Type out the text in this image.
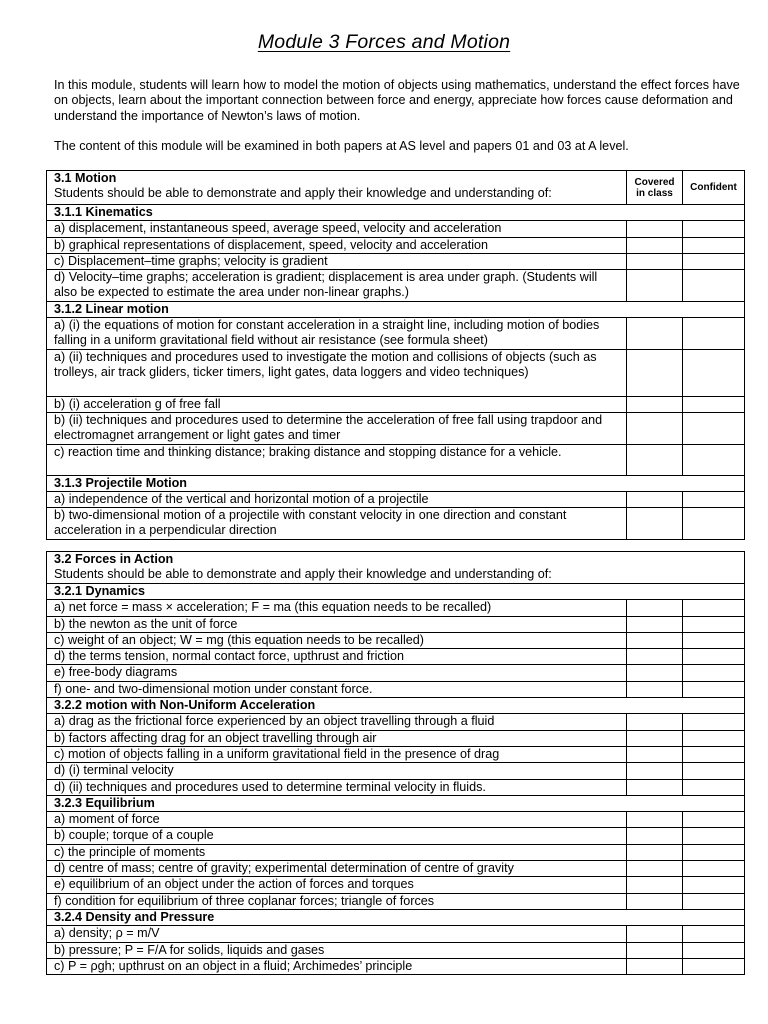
Module 3 Forces and Motion
In this module, students will learn how to model the motion of objects using mathematics, understand the effect forces have on objects, learn about the important connection between force and energy, appreciate how forces cause deformation and understand the importance of Newton’s laws of motion.
The content of this module will be examined in both papers at AS level and papers 01 and 03 at A level.
3.1 Motion
Students should be able to demonstrate and apply their knowledge and understanding of:	Covered in class	Confident
3.1.1 Kinematics		
a) displacement, instantaneous speed, average speed, velocity and acceleration		
b) graphical representations of displacement, speed, velocity and acceleration		
c) Displacement–time graphs; velocity is gradient		
d) Velocity–time graphs; acceleration is gradient; displacement is area under graph. (Students will also be expected to estimate the area under non-linear graphs.)		
3.1.2 Linear motion		
a) (i) the equations of motion for constant acceleration in a straight line, including motion of bodies falling in a uniform gravitational field without air resistance (see formula sheet)		
a) (ii) techniques and procedures used to investigate the motion and collisions of objects (such as trolleys, air track gliders, ticker timers, light gates, data loggers and video techniques)		
b) (i) acceleration g of free fall		
b) (ii) techniques and procedures used to determine the acceleration of free fall using trapdoor and electromagnet arrangement or light gates and timer		
c) reaction time and thinking distance; braking distance and stopping distance for a vehicle.		
3.1.3 Projectile Motion		
a) independence of the vertical and horizontal motion of a projectile		
b) two-dimensional motion of a projectile with constant velocity in one direction and constant acceleration in a perpendicular direction		
3.2 Forces in Action
Students should be able to demonstrate and apply their knowledge and understanding of:		
3.2.1 Dynamics		
a) net force = mass × acceleration; F = ma (this equation needs to be recalled)		
b) the newton as the unit of force		
c) weight of an object; W = mg (this equation needs to be recalled)		
d) the terms tension, normal contact force, upthrust and friction		
e) free-body diagrams		
f) one- and two-dimensional motion under constant force.		
3.2.2 motion with Non-Uniform Acceleration		
a) drag as the frictional force experienced by an object travelling through a fluid		
b) factors affecting drag for an object travelling through air		
c) motion of objects falling in a uniform gravitational field in the presence of drag		
d) (i) terminal velocity		
d) (ii) techniques and procedures used to determine terminal velocity in fluids.		
3.2.3 Equilibrium		
a) moment of force		
b) couple; torque of a couple		
c) the principle of moments		
d) centre of mass; centre of gravity; experimental determination of centre of gravity		
e) equilibrium of an object under the action of forces and torques		
f) condition for equilibrium of three coplanar forces; triangle of forces		
3.2.4 Density and Pressure		
a) density; ρ = m/V		
b) pressure; P = F/A for solids, liquids and gases		
c) P = ρgh; upthrust on an object in a fluid; Archimedes’ principle		
